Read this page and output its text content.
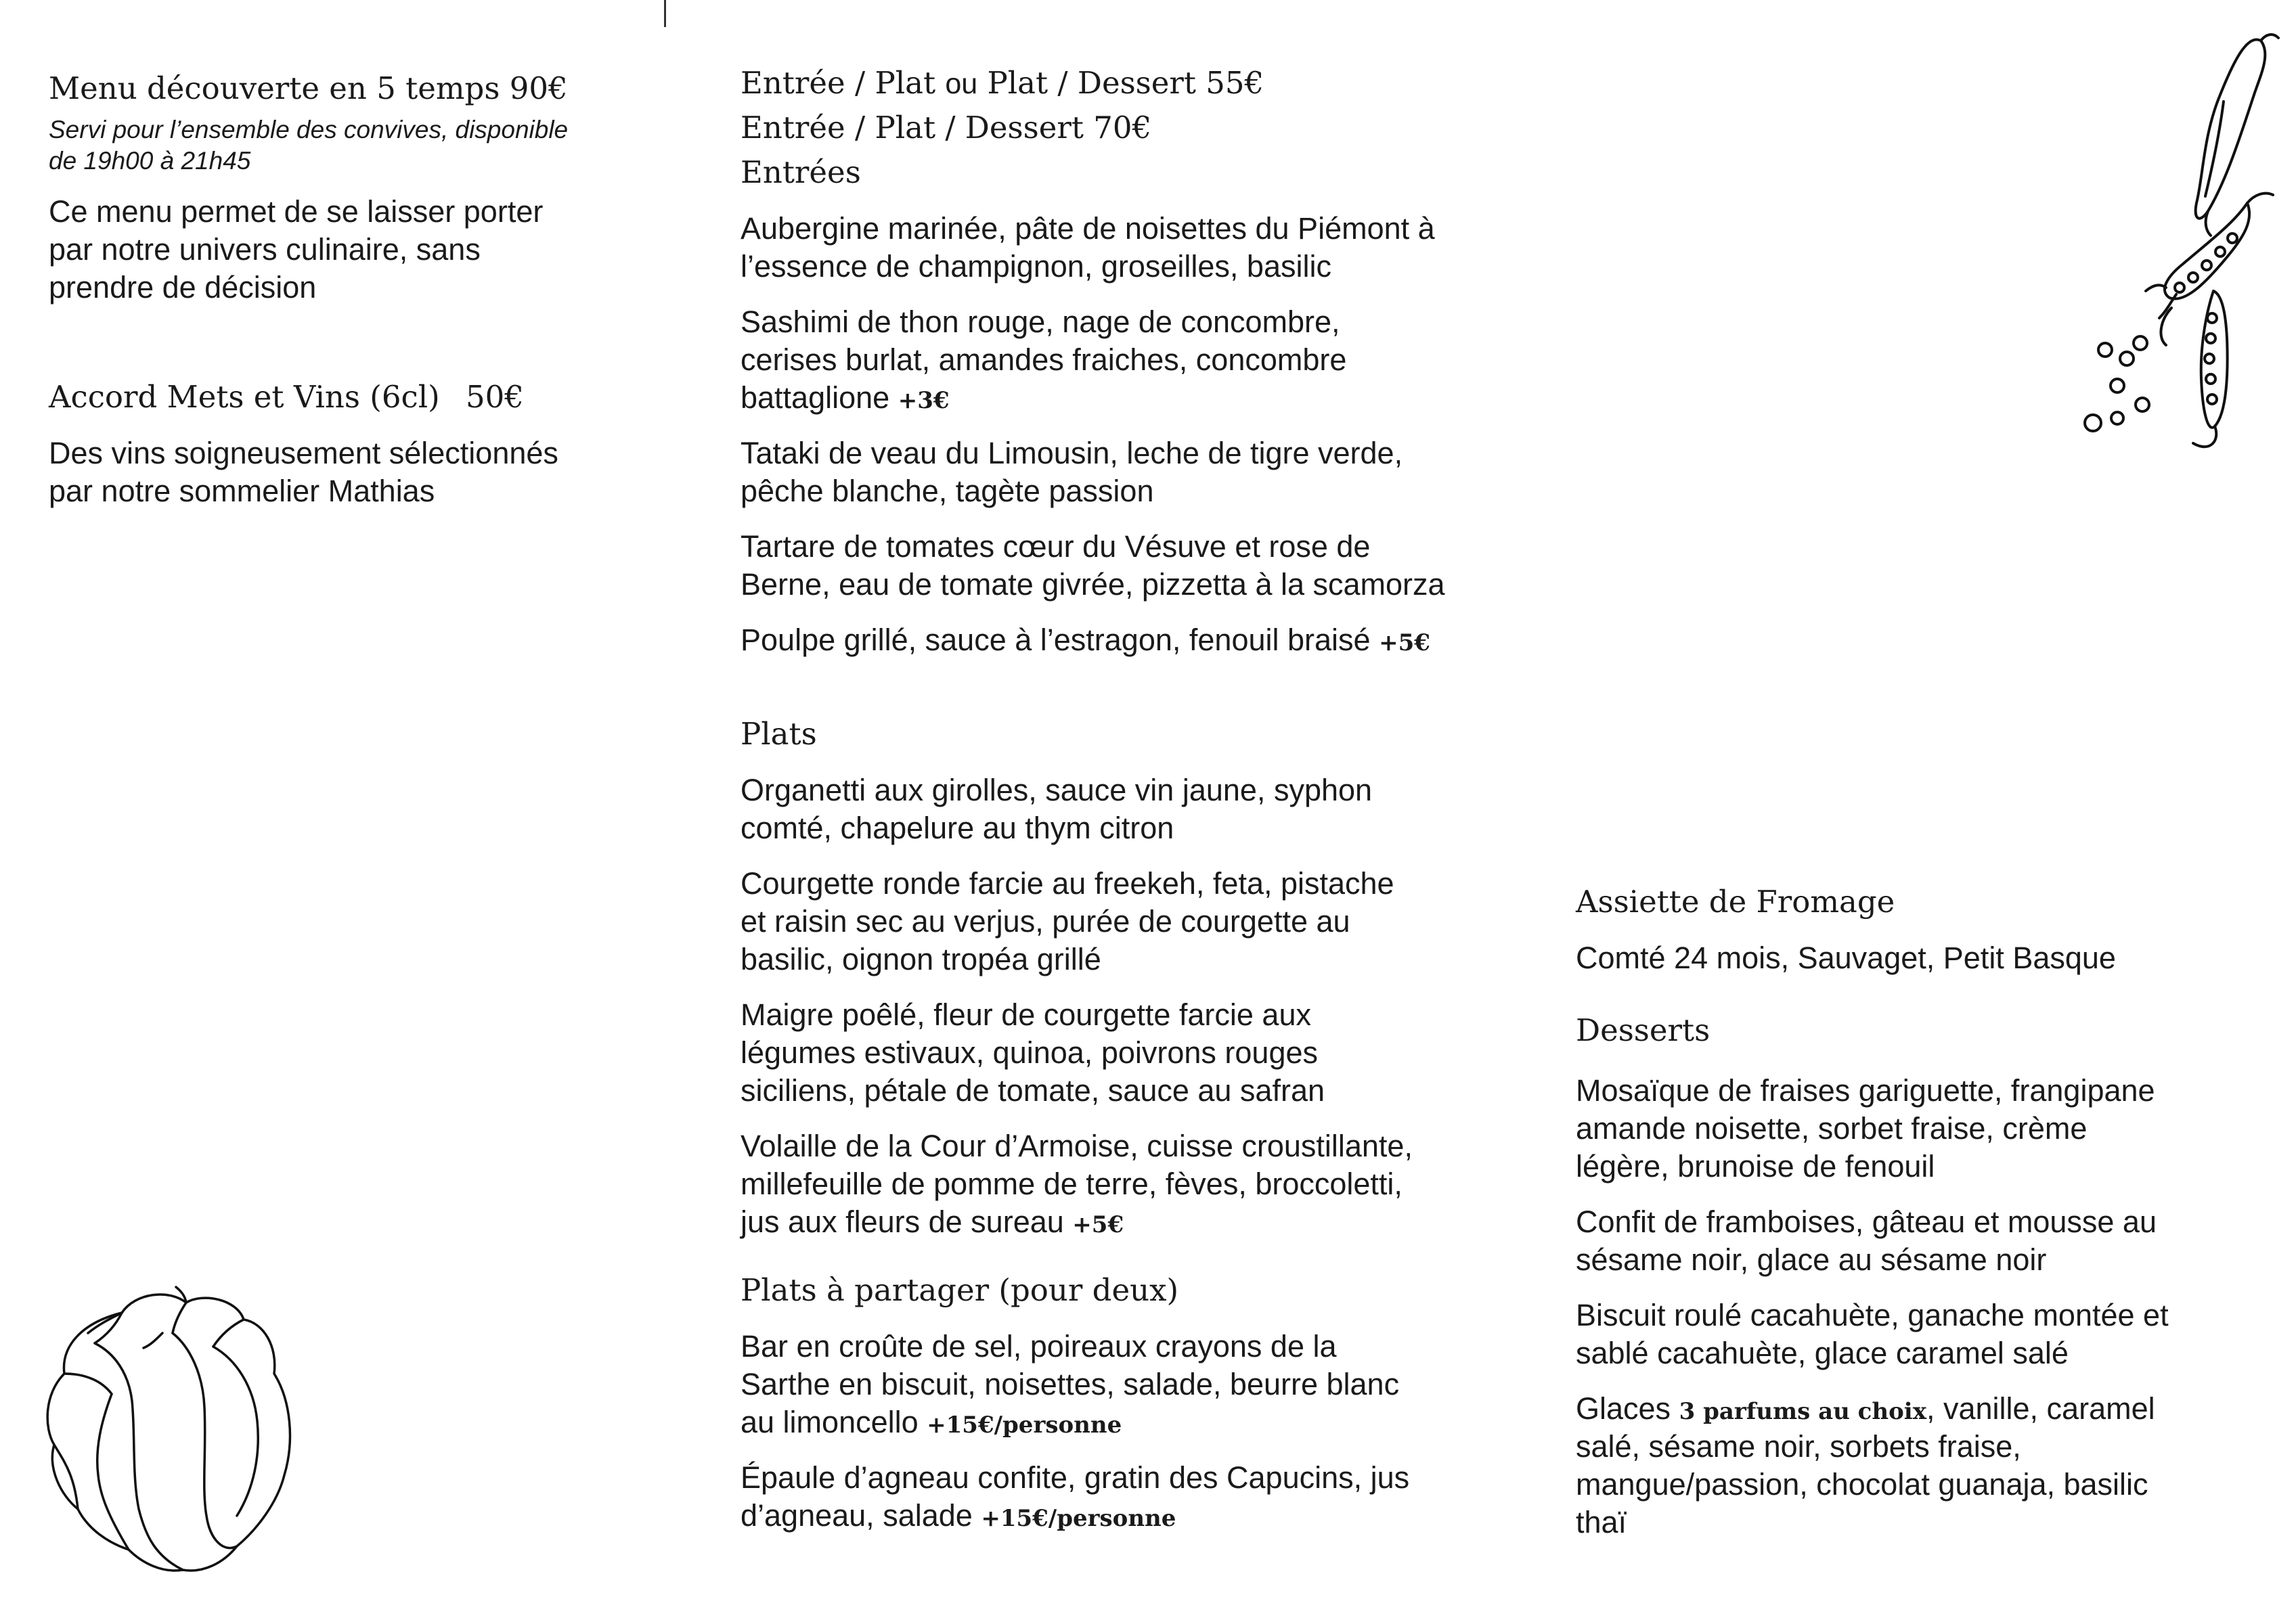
Menu découverte en 5 temps 90€

Servi pour l’ensemble des convives, disponible

de 19h00 à 21h45

Ce menu permet de se laisser porter

par notre univers culinaire, sans

prendre de décision

Accord Mets et Vins (6cl) 50€

Des vins soigneusement sélectionnés

par notre sommelier Mathias

Entrée / Plat ou Plat / Dessert 55€
Entrée / Plat / Dessert 70€
Entrées

Aubergine marinée, pâte de noisettes du Piémont à

l’essence de champignon, groseilles, basilic

Sashimi de thon rouge, nage de concombre,

cerises burlat, amandes fraiches, concombre

battaglione +3€

Tataki de veau du Limousin, leche de tigre verde,

pêche blanche, tagète passion

Tartare de tomates cœur du Vésuve et rose de

Berne, eau de tomate givrée, pizzetta à la scamorza

Poulpe grillé, sauce à l’estragon, fenouil braisé +5€

Plats

Organetti aux girolles, sauce vin jaune, syphon

comté, chapelure au thym citron

Courgette ronde farcie au freekeh, feta, pistache

et raisin sec au verjus, purée de courgette au

basilic, oignon tropéa grillé

Maigre poêlé, fleur de courgette farcie aux

légumes estivaux, quinoa, poivrons rouges

siciliens, pétale de tomate, sauce au safran

Volaille de la Cour d’Armoise, cuisse croustillante,

millefeuille de pomme de terre, fèves, broccoletti,

jus aux fleurs de sureau +5€

Plats à partager (pour deux)

Bar en croûte de sel, poireaux crayons de la

Sarthe en biscuit, noisettes, salade, beurre blanc

au limoncello +15€/personne

Épaule d’agneau confite, gratin des Capucins, jus

d’agneau, salade +15€/personne

Assiette de Fromage

Comté 24 mois, Sauvaget, Petit Basque

Desserts

Mosaïque de fraises gariguette, frangipane

amande noisette, sorbet fraise, crème

légère, brunoise de fenouil

Confit de framboises, gâteau et mousse au

sésame noir, glace au sésame noir

Biscuit roulé cacahuète, ganache montée et

sablé cacahuète, glace caramel salé

Glaces 3 parfums au choix, vanille, caramel

salé, sésame noir, sorbets fraise,

mangue/passion, chocolat guanaja, basilic

thaï
